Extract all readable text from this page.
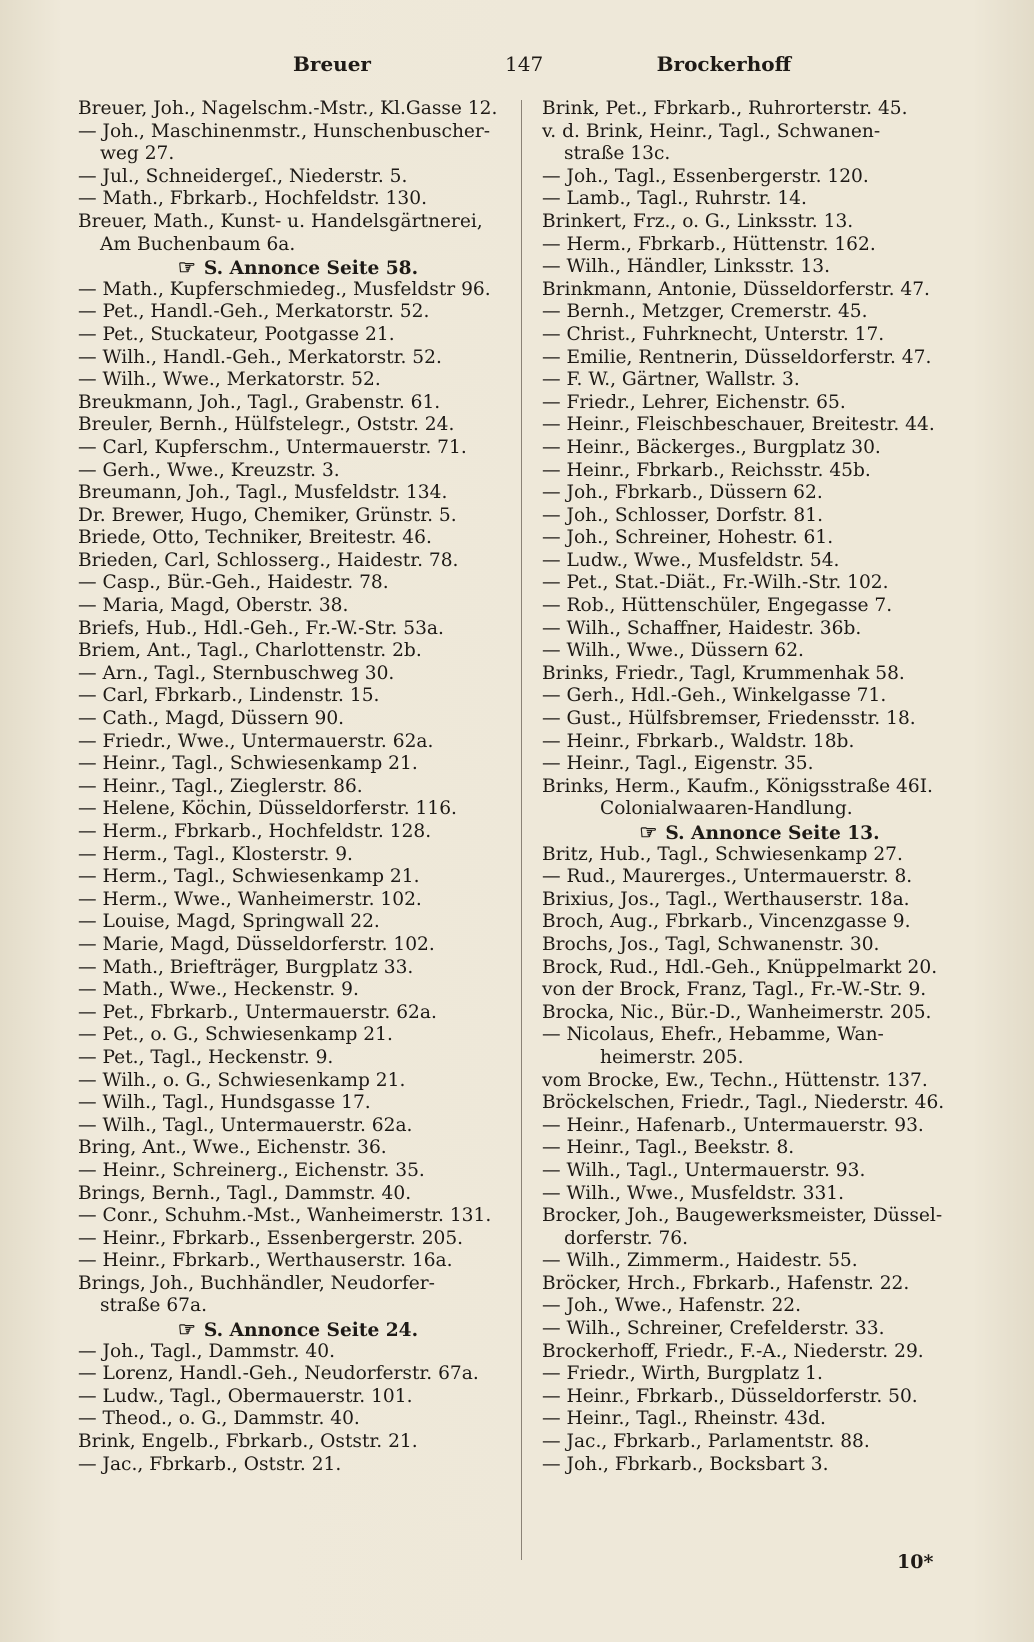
Breuer	147	Brockerhoff
Breuer, Joh., Nagelschm.-Mstr., Kl.Gasse 12.
— Joh., Maschinenmstr., Hunschenbuscher-
weg 27.
— Jul., Schneidergeſ., Niederstr. 5.
— Math., Fbrkarb., Hochfeldstr. 130.
Breuer, Math., Kunst- u. Handelsgärtnerei,
Am Buchenbaum 6a.
☞ S. Annonce Seite 58.
— Math., Kupferschmiedeg., Musfeldstr 96.
— Pet., Handl.-Geh., Merkatorstr. 52.
— Pet., Stuckateur, Pootgasse 21.
— Wilh., Handl.-Geh., Merkatorstr. 52.
— Wilh., Wwe., Merkatorstr. 52.
Breukmann, Joh., Tagl., Grabenstr. 61.
Breuler, Bernh., Hülfstelegr., Oststr. 24.
— Carl, Kupferschm., Untermauerstr. 71.
— Gerh., Wwe., Kreuzstr. 3.
Breumann, Joh., Tagl., Musfeldstr. 134.
Dr. Brewer, Hugo, Chemiker, Grünstr. 5.
Briede, Otto, Techniker, Breitestr. 46.
Brieden, Carl, Schlosserg., Haidestr. 78.
— Casp., Bür.-Geh., Haidestr. 78.
— Maria, Magd, Oberstr. 38.
Briefs, Hub., Hdl.-Geh., Fr.-W.-Str. 53a.
Briem, Ant., Tagl., Charlottenstr. 2b.
— Arn., Tagl., Sternbuschweg 30.
— Carl, Fbrkarb., Lindenstr. 15.
— Cath., Magd, Düssern 90.
— Friedr., Wwe., Untermauerstr. 62a.
— Heinr., Tagl., Schwiesenkamp 21.
— Heinr., Tagl., Zieglerstr. 86.
— Helene, Köchin, Düsseldorferstr. 116.
— Herm., Fbrkarb., Hochfeldstr. 128.
— Herm., Tagl., Klosterstr. 9.
— Herm., Tagl., Schwiesenkamp 21.
— Herm., Wwe., Wanheimerstr. 102.
— Louise, Magd, Springwall 22.
— Marie, Magd, Düsseldorferstr. 102.
— Math., Briefträger, Burgplatz 33.
— Math., Wwe., Heckenstr. 9.
— Pet., Fbrkarb., Untermauerstr. 62a.
— Pet., o. G., Schwiesenkamp 21.
— Pet., Tagl., Heckenstr. 9.
— Wilh., o. G., Schwiesenkamp 21.
— Wilh., Tagl., Hundsgasse 17.
— Wilh., Tagl., Untermauerstr. 62a.
Bring, Ant., Wwe., Eichenstr. 36.
— Heinr., Schreinerg., Eichenstr. 35.
Brings, Bernh., Tagl., Dammstr. 40.
— Conr., Schuhm.-Mst., Wanheimerstr. 131.
— Heinr., Fbrkarb., Essenbergerstr. 205.
— Heinr., Fbrkarb., Werthauserstr. 16a.
Brings, Joh., Buchhändler, Neudorfer-
straße 67a.
☞ S. Annonce Seite 24.
— Joh., Tagl., Dammstr. 40.
— Lorenz, Handl.-Geh., Neudorferstr. 67a.
— Ludw., Tagl., Obermauerstr. 101.
— Theod., o. G., Dammstr. 40.
Brink, Engelb., Fbrkarb., Oststr. 21.
— Jac., Fbrkarb., Oststr. 21.
Brink, Pet., Fbrkarb., Ruhrorterstr. 45.
v. d. Brink, Heinr., Tagl., Schwanen-
straße 13c.
— Joh., Tagl., Essenbergerstr. 120.
— Lamb., Tagl., Ruhrstr. 14.
Brinkert, Frz., o. G., Linksstr. 13.
— Herm., Fbrkarb., Hüttenstr. 162.
— Wilh., Händler, Linksstr. 13.
Brinkmann, Antonie, Düsseldorferstr. 47.
— Bernh., Metzger, Cremerstr. 45.
— Christ., Fuhrknecht, Unterstr. 17.
— Emilie, Rentnerin, Düsseldorferstr. 47.
— F. W., Gärtner, Wallstr. 3.
— Friedr., Lehrer, Eichenstr. 65.
— Heinr., Fleischbeschauer, Breitestr. 44.
— Heinr., Bäckerges., Burgplatz 30.
— Heinr., Fbrkarb., Reichsstr. 45b.
— Joh., Fbrkarb., Düssern 62.
— Joh., Schlosser, Dorfstr. 81.
— Joh., Schreiner, Hohestr. 61.
— Ludw., Wwe., Musfeldstr. 54.
— Pet., Stat.-Diät., Fr.-Wilh.-Str. 102.
— Rob., Hüttenschüler, Engegasse 7.
— Wilh., Schaffner, Haidestr. 36b.
— Wilh., Wwe., Düssern 62.
Brinks, Friedr., Tagl, Krummenhak 58.
— Gerh., Hdl.-Geh., Winkelgasse 71.
— Gust., Hülfsbremser, Friedensstr. 18.
— Heinr., Fbrkarb., Waldstr. 18b.
— Heinr., Tagl., Eigenstr. 35.
Brinks, Herm., Kaufm., Königsstraße 46I.
Colonialwaaren-Handlung.
☞ S. Annonce Seite 13.
Britz, Hub., Tagl., Schwiesenkamp 27.
— Rud., Maurerges., Untermauerstr. 8.
Brixius, Jos., Tagl., Werthauserstr. 18a.
Broch, Aug., Fbrkarb., Vincenzgasse 9.
Brochs, Jos., Tagl, Schwanenstr. 30.
Brock, Rud., Hdl.-Geh., Knüppelmarkt 20.
von der Brock, Franz, Tagl., Fr.-W.-Str. 9.
Brocka, Nic., Bür.-D., Wanheimerstr. 205.
— Nicolaus, Ehefr., Hebamme, Wan-
heimerstr. 205.
vom Brocke, Ew., Techn., Hüttenstr. 137.
Bröckelschen, Friedr., Tagl., Niederstr. 46.
— Heinr., Hafenarb., Untermauerstr. 93.
— Heinr., Tagl., Beekstr. 8.
— Wilh., Tagl., Untermauerstr. 93.
— Wilh., Wwe., Musfeldstr. 331.
Brocker, Joh., Baugewerksmeister, Düssel-
dorferstr. 76.
— Wilh., Zimmerm., Haidestr. 55.
Bröcker, Hrch., Fbrkarb., Hafenstr. 22.
— Joh., Wwe., Hafenstr. 22.
— Wilh., Schreiner, Crefelderstr. 33.
Brockerhoff, Friedr., F.-A., Niederstr. 29.
— Friedr., Wirth, Burgplatz 1.
— Heinr., Fbrkarb., Düsseldorferstr. 50.
— Heinr., Tagl., Rheinstr. 43d.
— Jac., Fbrkarb., Parlamentstr. 88.
— Joh., Fbrkarb., Bocksbart 3.
10*
